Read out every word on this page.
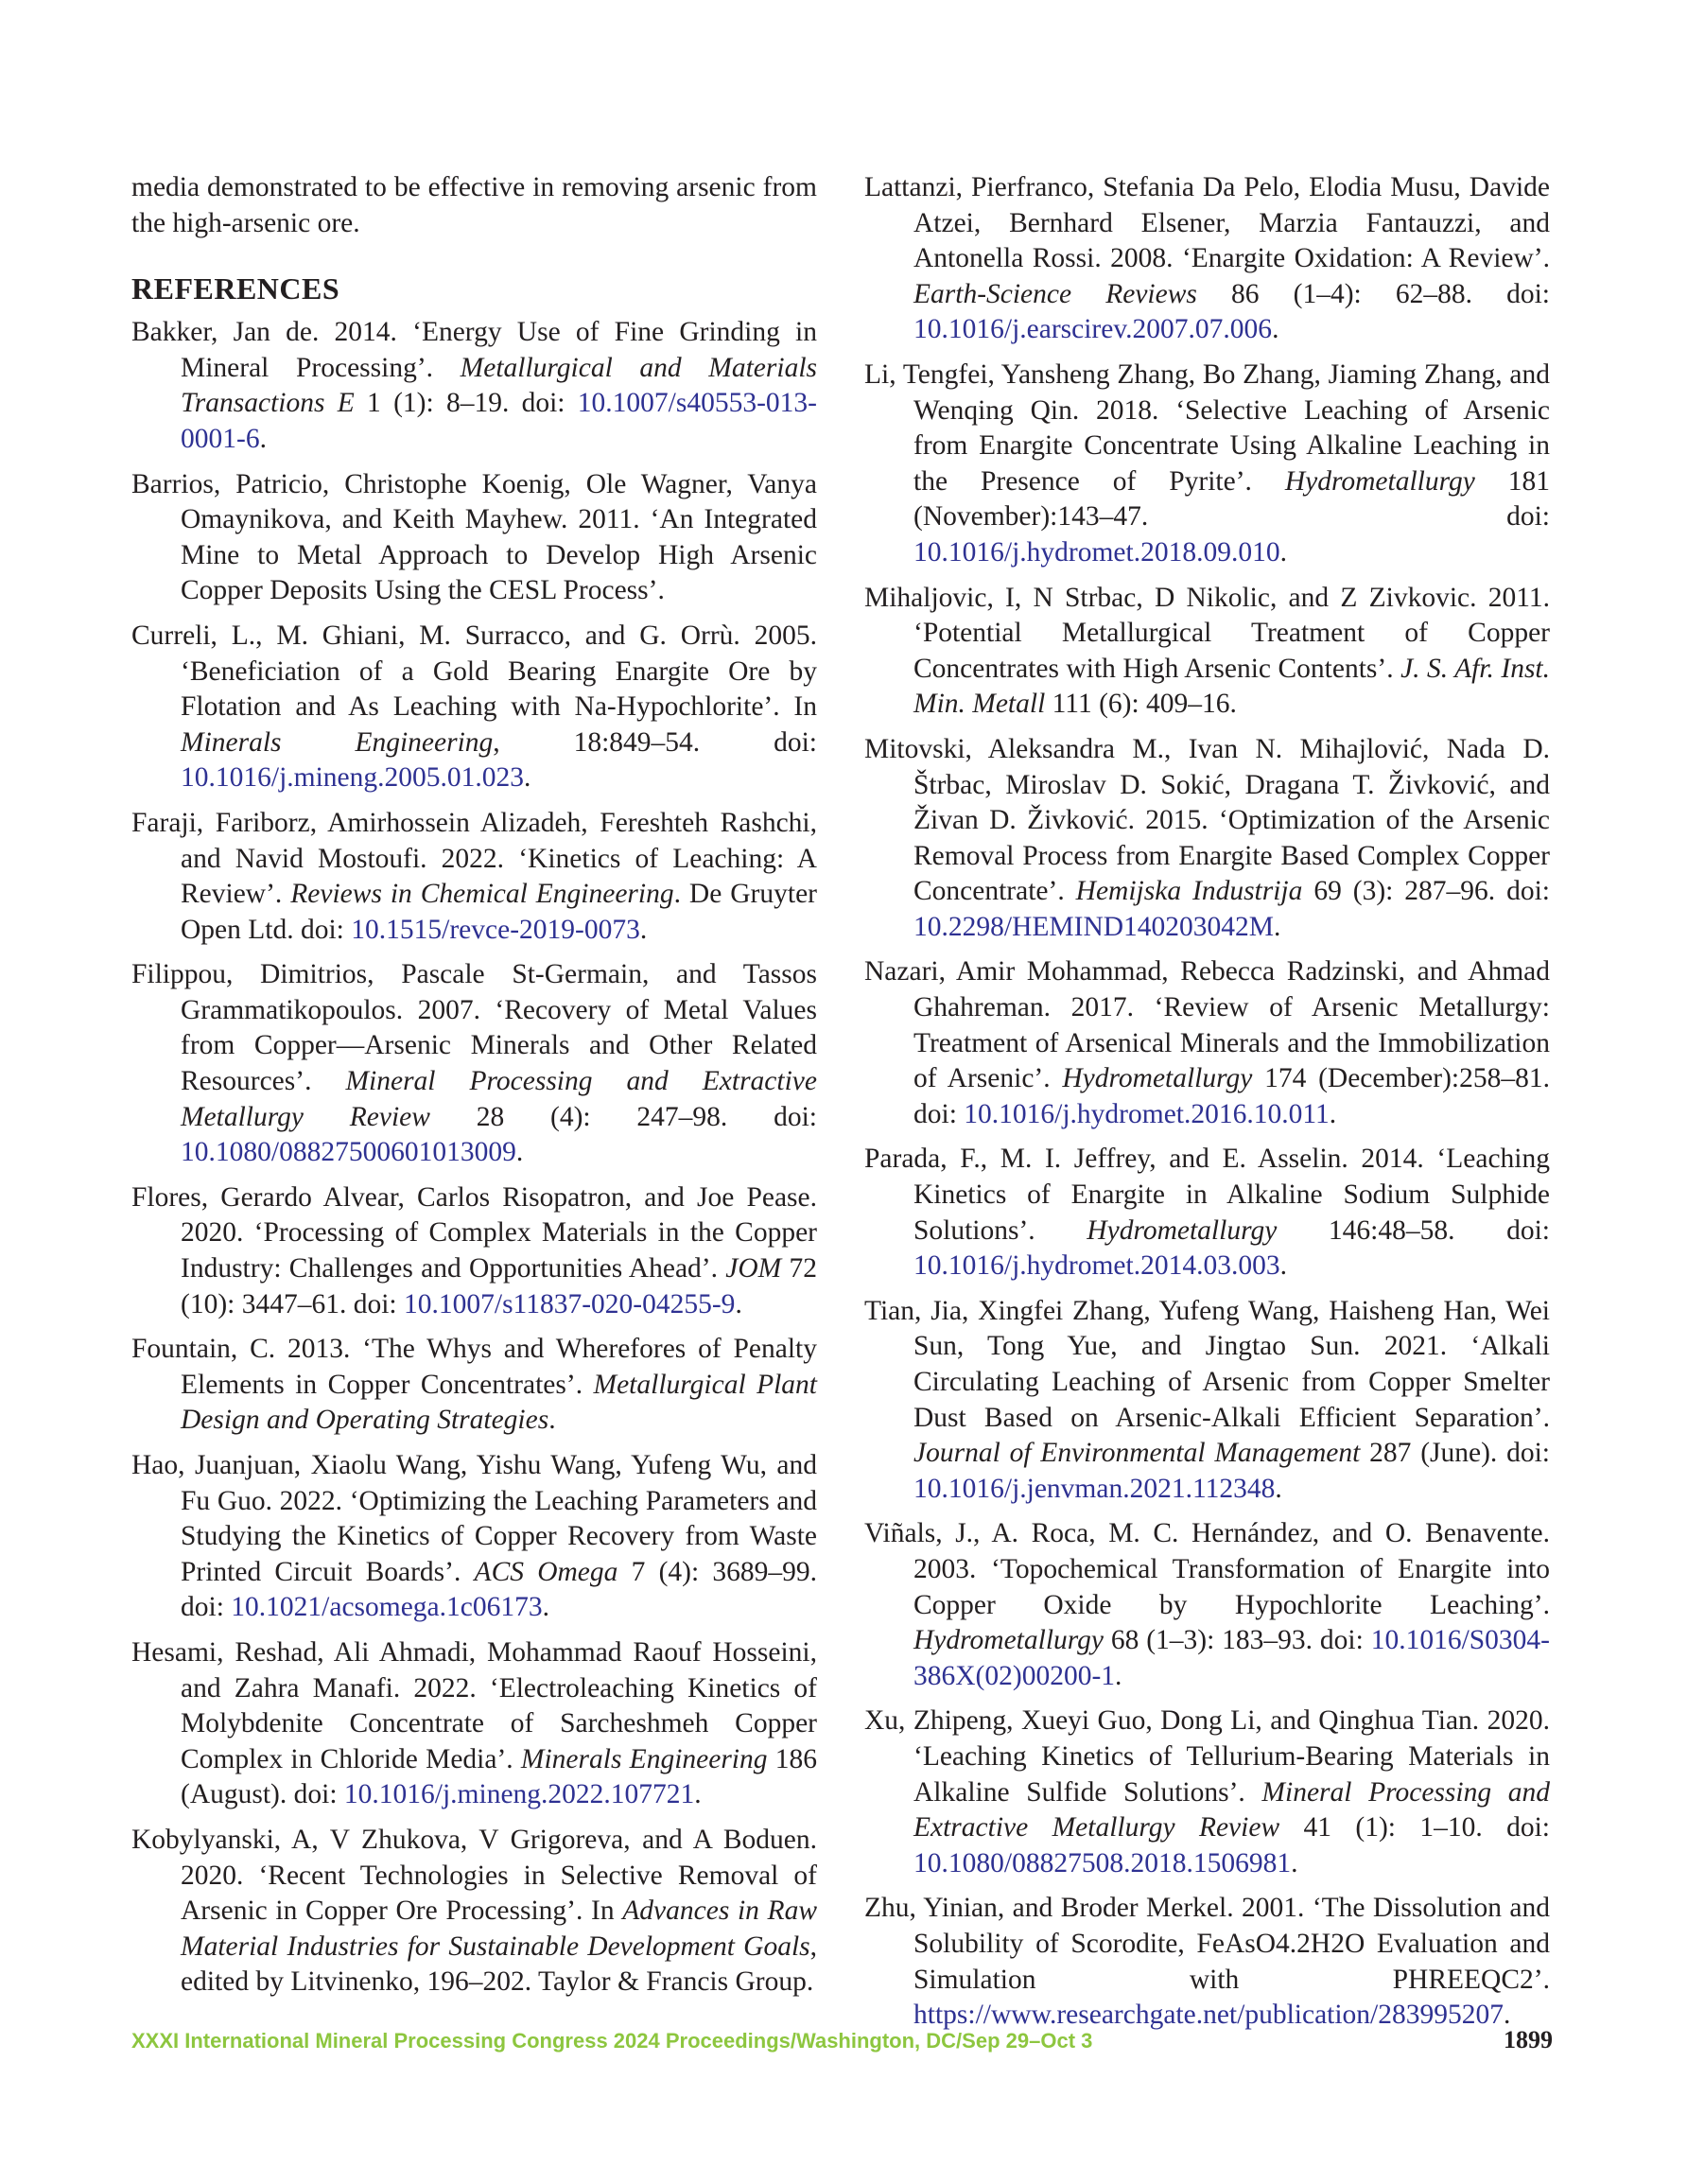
media demonstrated to be effective in removing arsenic from the high-arsenic ore.

REFERENCES

Bakker, Jan de. 2014. ‘Energy Use of Fine Grinding in Mineral Processing’. Metallurgical and Materials Transactions E 1 (1): 8–19. doi: 10.1007/s40553-013-0001-6.

Barrios, Patricio, Christophe Koenig, Ole Wagner, Vanya Omaynikova, and Keith Mayhew. 2011. ‘An Integrated Mine to Metal Approach to Develop High Arsenic Copper Deposits Using the CESL Process’.

Curreli, L., M. Ghiani, M. Surracco, and G. Orrù. 2005. ‘Beneficiation of a Gold Bearing Enargite Ore by Flotation and As Leaching with Na-Hypochlorite’. In Minerals Engineering, 18:849–54. doi: 10.1016/j.mineng.2005.01.023.

Faraji, Fariborz, Amirhossein Alizadeh, Fereshteh Rashchi, and Navid Mostoufi. 2022. ‘Kinetics of Leaching: A Review’. Reviews in Chemical Engineering. De Gruyter Open Ltd. doi: 10.1515/revce-2019-0073.

Filippou, Dimitrios, Pascale St-Germain, and Tassos Grammatikopoulos. 2007. ‘Recovery of Metal Values from Copper—Arsenic Minerals and Other Related Resources’. Mineral Processing and Extractive Metallurgy Review 28 (4): 247–98. doi: 10.1080/08827500601013009.

Flores, Gerardo Alvear, Carlos Risopatron, and Joe Pease. 2020. ‘Processing of Complex Materials in the Copper Industry: Challenges and Opportunities Ahead’. JOM 72 (10): 3447–61. doi: 10.1007/s11837-020-04255-9.

Fountain, C. 2013. ‘The Whys and Wherefores of Penalty Elements in Copper Concentrates’. Metallurgical Plant Design and Operating Strategies.

Hao, Juanjuan, Xiaolu Wang, Yishu Wang, Yufeng Wu, and Fu Guo. 2022. ‘Optimizing the Leaching Parameters and Studying the Kinetics of Copper Recovery from Waste Printed Circuit Boards’. ACS Omega 7 (4): 3689–99. doi: 10.1021/acsomega.1c06173.

Hesami, Reshad, Ali Ahmadi, Mohammad Raouf Hosseini, and Zahra Manafi. 2022. ‘Electroleaching Kinetics of Molybdenite Concentrate of Sarcheshmeh Copper Complex in Chloride Media’. Minerals Engineering 186 (August). doi: 10.1016/j.mineng.2022.107721.

Kobylyanski, A, V Zhukova, V Grigoreva, and A Boduen. 2020. ‘Recent Technologies in Selective Removal of Arsenic in Copper Ore Processing’. In Advances in Raw Material Industries for Sustainable Development Goals, edited by Litvinenko, 196–202. Taylor & Francis Group.

Lattanzi, Pierfranco, Stefania Da Pelo, Elodia Musu, Davide Atzei, Bernhard Elsener, Marzia Fantauzzi, and Antonella Rossi. 2008. ‘Enargite Oxidation: A Review’. Earth-Science Reviews 86 (1–4): 62–88. doi: 10.1016/j.earscirev.2007.07.006.

Li, Tengfei, Yansheng Zhang, Bo Zhang, Jiaming Zhang, and Wenqing Qin. 2018. ‘Selective Leaching of Arsenic from Enargite Concentrate Using Alkaline Leaching in the Presence of Pyrite’. Hydrometallurgy 181 (November):143–47. doi: 10.1016/j.hydromet.2018.09.010.

Mihaljovic, I, N Strbac, D Nikolic, and Z Zivkovic. 2011. ‘Potential Metallurgical Treatment of Copper Concentrates with High Arsenic Contents’. J. S. Afr. Inst. Min. Metall 111 (6): 409–16.

Mitovski, Aleksandra M., Ivan N. Mihajlović, Nada D. Štrbac, Miroslav D. Sokić, Dragana T. Živković, and Živan D. Živković. 2015. ‘Optimization of the Arsenic Removal Process from Enargite Based Complex Copper Concentrate’. Hemijska Industrija 69 (3): 287–96. doi: 10.2298/HEMIND140203042M.

Nazari, Amir Mohammad, Rebecca Radzinski, and Ahmad Ghahreman. 2017. ‘Review of Arsenic Metallurgy: Treatment of Arsenical Minerals and the Immobilization of Arsenic’. Hydrometallurgy 174 (December):258–81. doi: 10.1016/j.hydromet.2016.10.011.

Parada, F., M. I. Jeffrey, and E. Asselin. 2014. ‘Leaching Kinetics of Enargite in Alkaline Sodium Sulphide Solutions’. Hydrometallurgy 146:48–58. doi: 10.1016/j.hydromet.2014.03.003.

Tian, Jia, Xingfei Zhang, Yufeng Wang, Haisheng Han, Wei Sun, Tong Yue, and Jingtao Sun. 2021. ‘Alkali Circulating Leaching of Arsenic from Copper Smelter Dust Based on Arsenic-Alkali Efficient Separation’. Journal of Environmental Management 287 (June). doi: 10.1016/j.jenvman.2021.112348.

Viñals, J., A. Roca, M. C. Hernández, and O. Benavente. 2003. ‘Topochemical Transformation of Enargite into Copper Oxide by Hypochlorite Leaching’. Hydrometallurgy 68 (1–3): 183–93. doi: 10.1016/S0304-386X(02)00200-1.

Xu, Zhipeng, Xueyi Guo, Dong Li, and Qinghua Tian. 2020. ‘Leaching Kinetics of Tellurium-Bearing Materials in Alkaline Sulfide Solutions’. Mineral Processing and Extractive Metallurgy Review 41 (1): 1–10. doi: 10.1080/08827508.2018.1506981.

Zhu, Yinian, and Broder Merkel. 2001. ‘The Dissolution and Solubility of Scorodite, FeAsO4.2H2O Evaluation and Simulation with PHREEQC2’. https://www.researchgate.net/publication/283995207.

XXXI International Mineral Processing Congress 2024 Proceedings/Washington, DC/Sep 29–Oct 3	1899
